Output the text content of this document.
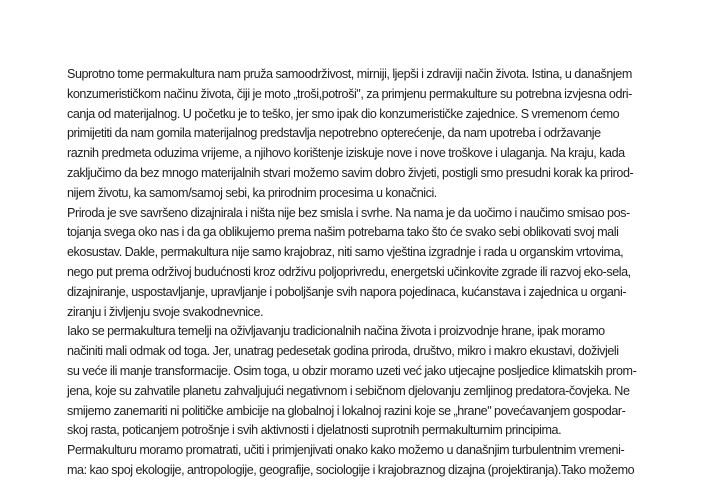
Suprotno tome permakultura nam pruža samoodrživost, mirniji, ljepši i zdraviji način života. Istina, u današnjem
konzumerističkom načinu života, čiji je moto „troši,potroši", za primjenu permakulture su potrebna izvjesna odri-
canja od materijalnog. U početku je to teško, jer smo ipak dio konzumerističke zajednice. S vremenom ćemo
primijetiti da nam gomila materijalnog predstavlja nepotrebno opterećenje, da nam upotreba i održavanje
raznih predmeta oduzima vrijeme, a njihovo korištenje iziskuje nove i nove troškove i ulaganja. Na kraju, kada
zaključimo da bez mnogo materijalnih stvari možemo savim dobro živjeti, postigli smo presudni korak ka prirod-
nijem životu, ka samom/samoj sebi, ka prirodnim procesima u konačnici.
Priroda je sve savršeno dizajnirala i ništa nije bez smisla i svrhe. Na nama je da uočimo i naučimo smisao pos-
tojanja svega oko nas i da ga oblikujemo prema našim potrebama tako što će svako sebi oblikovati svoj mali
ekosustav. Dakle, permakultura nije samo krajobraz, niti samo vještina izgradnje i rada u organskim vrtovima,
nego put prema održivoj budućnosti kroz održivu poljoprivredu, energetski učinkovite zgrade ili razvoj eko-sela,
dizajniranje, uspostavljanje, upravljanje i poboljšanje svih napora pojedinaca, kućanstava i zajednica u organi-
ziranju i življenju svoje svakodnevnice.
Iako se permakultura temelji na oživljavanju tradicionalnih načina života i proizvodnje hrane, ipak moramo
načiniti mali odmak od toga. Jer, unatrag pedesetak godina priroda, društvo, mikro i makro ekustavi, doživjeli
su veće ili manje transformacije. Osim toga, u obzir moramo uzeti već jako utjecajne posljedice klimatskih prom-
jena, koje su zahvatile planetu zahvaljujući negativnom i sebičnom djelovanju zemljinog predatora-čovjeka. Ne
smijemo zanemariti ni političke ambicije na globalnoj i lokalnoj razini koje se „hrane" povećavanjem gospodar-
skoj rasta, poticanjem potrošnje i svih aktivnosti i djelatnosti suprotnih permakulturnim principima.
Permakulturu moramo promatrati, učiti i primjenjivati onako kako možemo u današnjim turbulentnim vremeni-
ma: kao spoj ekologije, antropologije, geografije, sociologije i krajobraznog dizajna (projektiranja).Tako možemo
